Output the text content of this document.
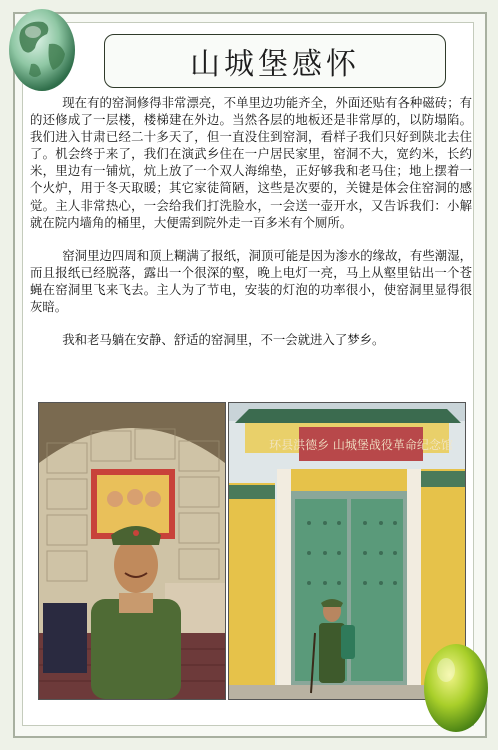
山城堡感怀

现在有的窑洞修得非常漂亮，不单里边功能齐全，外面还贴有各种磁砖；有的还修成了一层楼，楼梯建在外边。当然各层的地板还是非常厚的，以防塌陷。我们进入甘肃已经二十多天了，但一直没住到窑洞，看样子我们只好到陕北去住了。机会终于来了，我们在演武乡住在一户居民家里，窑洞不大，宽约米，长约米，里边有一铺炕，炕上放了一个双人海绵垫，正好够我和老马住；地上摆着一个火炉，用于冬天取暖；其它家徒简陋，这些是次要的，关键是体会住窑洞的感觉。主人非常热心，一会给我们打洗脸水，一会送一壶开水，又告诉我们：小解就在院内墙角的桶里，大便需到院外走一百多米有个厕所。

窑洞里边四周和顶上糊满了报纸，洞顶可能是因为渗水的缘故，有些潮湿，而且报纸已经脱落，露出一个很深的壑，晚上电灯一亮，马上从壑里钻出一个苍蝇在窑洞里飞来飞去。主人为了节电，安装的灯泡的功率很小，使窑洞里显得很灰暗。

我和老马躺在安静、舒适的窑洞里，不一会就进入了梦乡。

环县洪德乡 山城堡战役革命纪念馆
